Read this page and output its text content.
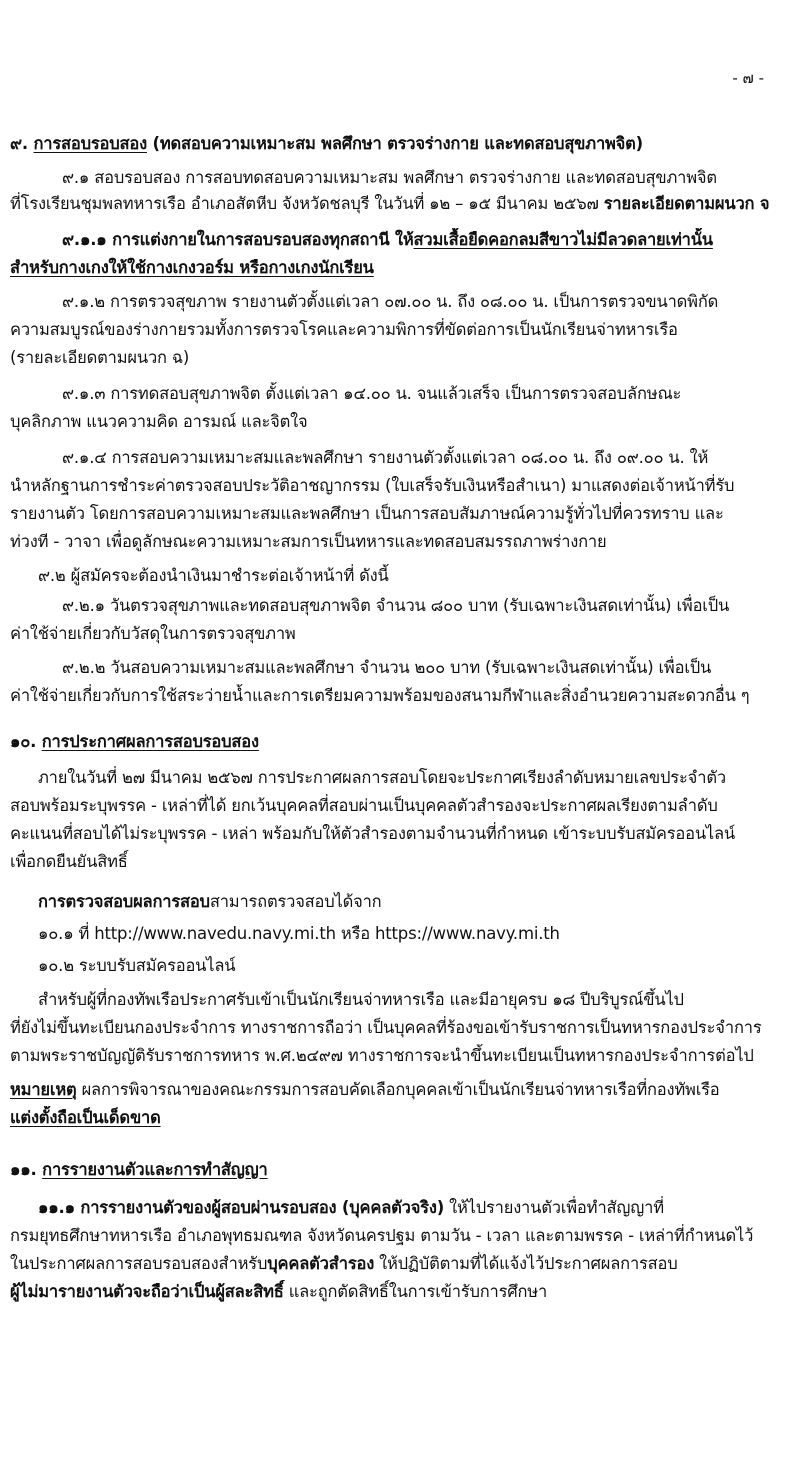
- ๗ -
๙. การสอบรอบสอง (ทดสอบความเหมาะสม พลศึกษา ตรวจร่างกาย และทดสอบสุขภาพจิต)
๙.๑ สอบรอบสอง การสอบทดสอบความเหมาะสม พลศึกษา ตรวจร่างกาย และทดสอบสุขภาพจิต
ที่โรงเรียนชุมพลทหารเรือ อำเภอสัตหีบ จังหวัดชลบุรี ในวันที่ ๑๒ – ๑๕ มีนาคม ๒๕๖๗ รายละเอียดตามผนวก จ
๙.๑.๑ การแต่งกายในการสอบรอบสองทุกสถานี ให้สวมเสื้อยืดคอกลมสีขาวไม่มีลวดลายเท่านั้น
สำหรับกางเกงให้ใช้กางเกงวอร์ม หรือกางเกงนักเรียน
๙.๑.๒ การตรวจสุขภาพ รายงานตัวตั้งแต่เวลา ๐๗.๐๐ น. ถึง ๐๘.๐๐ น. เป็นการตรวจขนาดพิกัด
ความสมบูรณ์ของร่างกายรวมทั้งการตรวจโรคและความพิการที่ขัดต่อการเป็นนักเรียนจ่าทหารเรือ
(รายละเอียดตามผนวก ฉ)
๙.๑.๓ การทดสอบสุขภาพจิต ตั้งแต่เวลา ๑๔.๐๐ น. จนแล้วเสร็จ เป็นการตรวจสอบลักษณะ
บุคลิกภาพ แนวความคิด อารมณ์ และจิตใจ
๙.๑.๔ การสอบความเหมาะสมและพลศึกษา รายงานตัวตั้งแต่เวลา ๐๘.๐๐ น. ถึง ๐๙.๐๐ น. ให้
นำหลักฐานการชำระค่าตรวจสอบประวัติอาชญากรรม (ใบเสร็จรับเงินหรือสำเนา) มาแสดงต่อเจ้าหน้าที่รับ
รายงานตัว โดยการสอบความเหมาะสมและพลศึกษา เป็นการสอบสัมภาษณ์ความรู้ทั่วไปที่ควรทราบ และ
ท่วงที - วาจา เพื่อดูลักษณะความเหมาะสมการเป็นทหารและทดสอบสมรรถภาพร่างกาย
๙.๒ ผู้สมัครจะต้องนำเงินมาชำระต่อเจ้าหน้าที่ ดังนี้
๙.๒.๑ วันตรวจสุขภาพและทดสอบสุขภาพจิต จำนวน ๘๐๐ บาท (รับเฉพาะเงินสดเท่านั้น) เพื่อเป็น
ค่าใช้จ่ายเกี่ยวกับวัสดุในการตรวจสุขภาพ
๙.๒.๒ วันสอบความเหมาะสมและพลศึกษา จำนวน ๒๐๐ บาท (รับเฉพาะเงินสดเท่านั้น) เพื่อเป็น
ค่าใช้จ่ายเกี่ยวกับการใช้สระว่ายน้ำและการเตรียมความพร้อมของสนามกีฬาและสิ่งอำนวยความสะดวกอื่น ๆ
๑๐. การประกาศผลการสอบรอบสอง
ภายในวันที่ ๒๗ มีนาคม ๒๕๖๗ การประกาศผลการสอบโดยจะประกาศเรียงลำดับหมายเลขประจำตัว
สอบพร้อมระบุพรรค - เหล่าที่ได้ ยกเว้นบุคคลที่สอบผ่านเป็นบุคคลตัวสำรองจะประกาศผลเรียงตามลำดับ
คะแนนที่สอบได้ไม่ระบุพรรค - เหล่า พร้อมกับให้ตัวสำรองตามจำนวนที่กำหนด เข้าระบบรับสมัครออนไลน์
เพื่อกดยืนยันสิทธิ์
การตรวจสอบผลการสอบสามารถตรวจสอบได้จาก
๑๐.๑ ที่ http://www.navedu.navy.mi.th หรือ https://www.navy.mi.th
๑๐.๒ ระบบรับสมัครออนไลน์
สำหรับผู้ที่กองทัพเรือประกาศรับเข้าเป็นนักเรียนจ่าทหารเรือ และมีอายุครบ ๑๘ ปีบริบูรณ์ขึ้นไป
ที่ยังไม่ขึ้นทะเบียนกองประจำการ ทางราชการถือว่า เป็นบุคคลที่ร้องขอเข้ารับราชการเป็นทหารกองประจำการ
ตามพระราชบัญญัติรับราชการทหาร พ.ศ.๒๔๙๗ ทางราชการจะนำขึ้นทะเบียนเป็นทหารกองประจำการต่อไป
หมายเหตุ ผลการพิจารณาของคณะกรรมการสอบคัดเลือกบุคคลเข้าเป็นนักเรียนจ่าทหารเรือที่กองทัพเรือ
แต่งตั้งถือเป็นเด็ดขาด
๑๑. การรายงานตัวและการทำสัญญา
๑๑.๑ การรายงานตัวของผู้สอบผ่านรอบสอง (บุคคลตัวจริง) ให้ไปรายงานตัวเพื่อทำสัญญาที่
กรมยุทธศึกษาทหารเรือ อำเภอพุทธมณฑล จังหวัดนครปฐม ตามวัน - เวลา และตามพรรค - เหล่าที่กำหนดไว้
ในประกาศผลการสอบรอบสองสำหรับบุคคลตัวสำรอง ให้ปฏิบัติตามที่ได้แจ้งไว้ประกาศผลการสอบ
ผู้ไม่มารายงานตัวจะถือว่าเป็นผู้สละสิทธิ์ และถูกตัดสิทธิ์ในการเข้ารับการศึกษา
